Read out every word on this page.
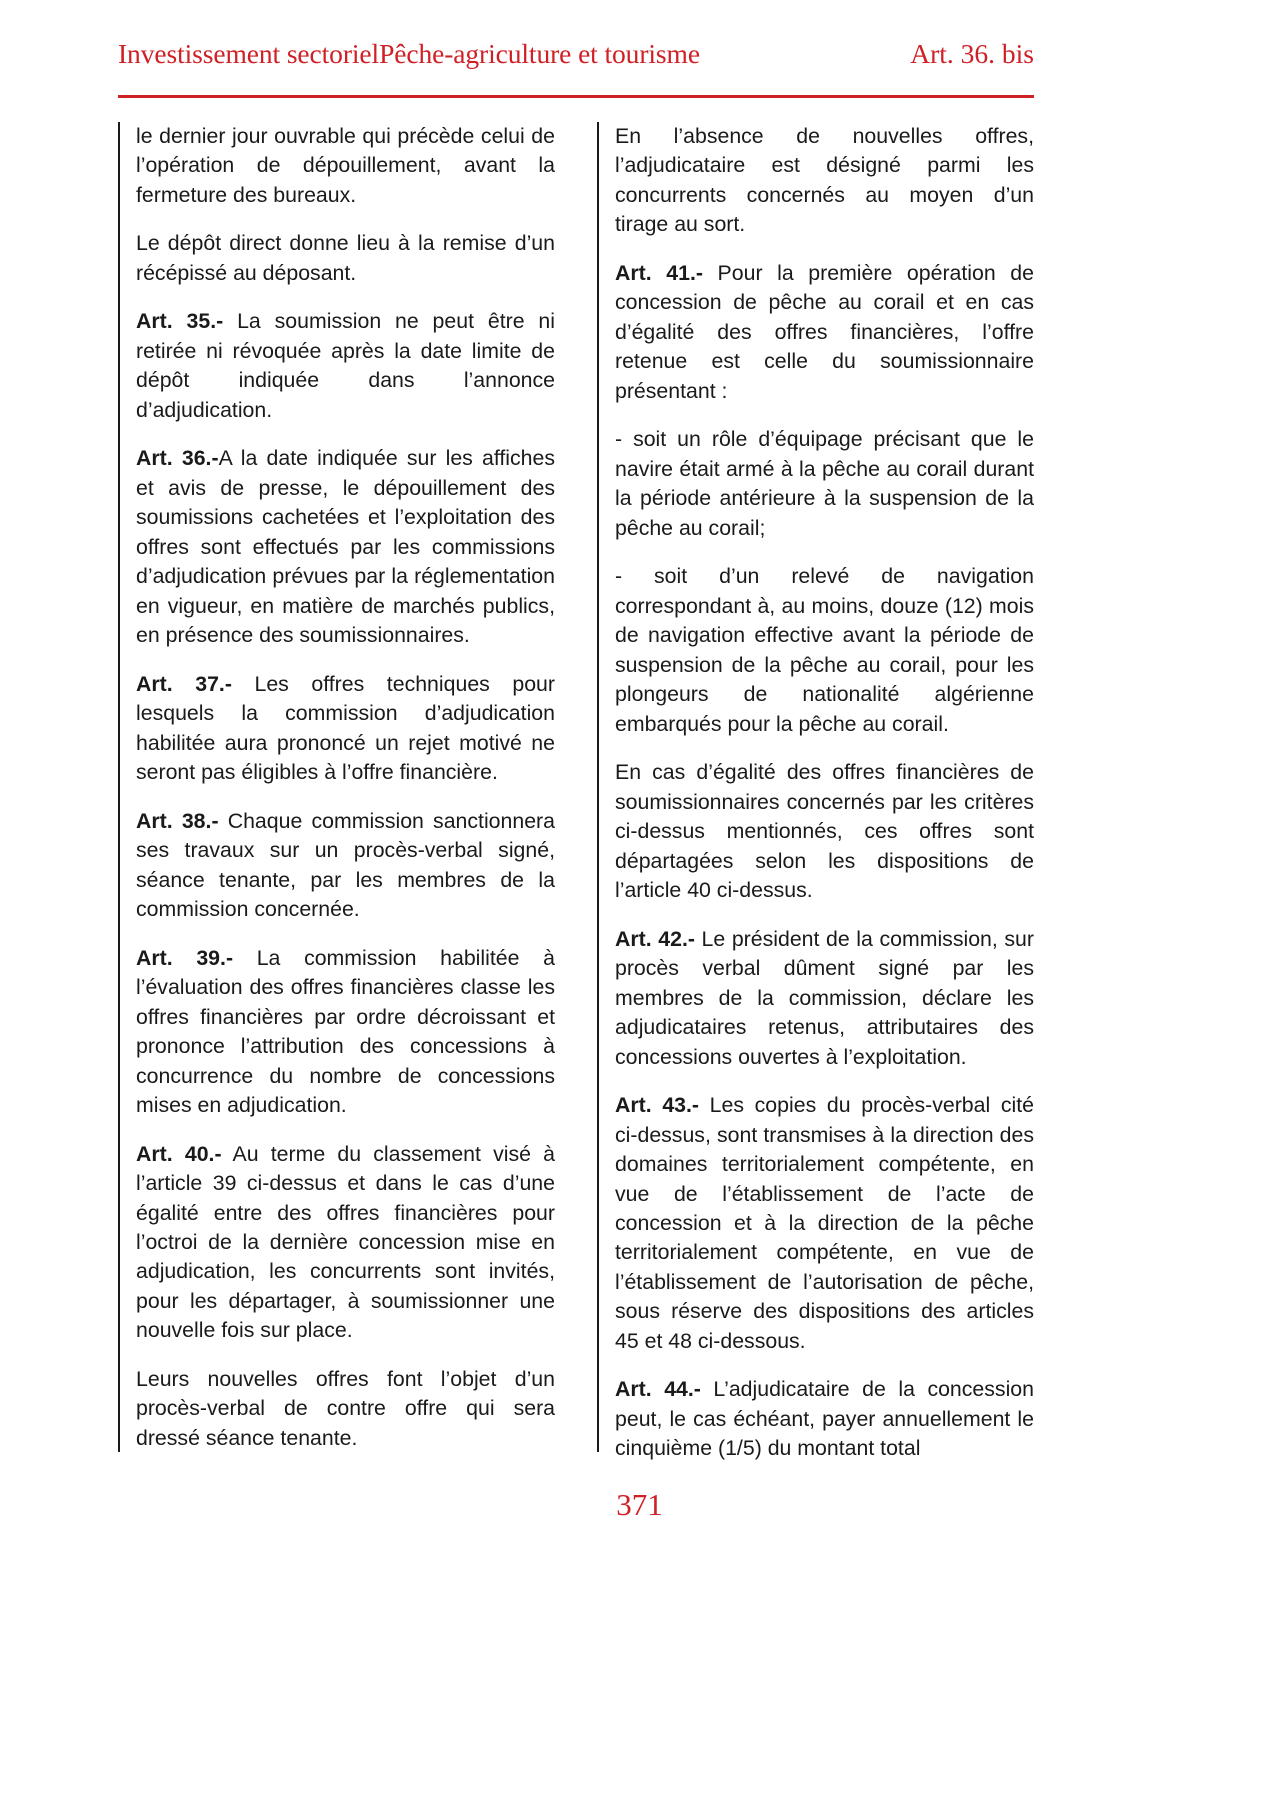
Investissement sectorielPêche-agriculture et tourisme	Art. 36. bis

le dernier jour ouvrable qui précède celui de l’opération de dépouillement, avant la fermeture des bureaux.

Le dépôt direct donne lieu à la remise d’un récépissé au déposant.

Art. 35.- La soumission ne peut être ni retirée ni révoquée après la date limite de dépôt indiquée dans l’annonce d’adjudication.

Art. 36.-A la date indiquée sur les affiches et avis de presse, le dépouillement des soumissions cachetées et l’exploitation des offres sont effectués par les commissions d’adjudication prévues par la réglementation en vigueur, en matière de marchés publics, en présence des soumissionnaires.

Art. 37.- Les offres techniques pour lesquels la commission d’adjudication habilitée aura prononcé un rejet motivé ne seront pas éligibles à l’offre financière.

Art. 38.- Chaque commission sanctionnera ses travaux sur un procès-verbal signé, séance tenante, par les membres de la commission concernée.

Art. 39.- La commission habilitée à l’évaluation des offres financières classe les offres financières par ordre décroissant et prononce l’attribution des concessions à concurrence du nombre de concessions mises en adjudication.

Art. 40.- Au terme du classement visé à l’article 39 ci-dessus et dans le cas d’une égalité entre des offres financières pour l’octroi de la dernière concession mise en adjudication, les concurrents sont invités, pour les départager, à soumissionner une nouvelle fois sur place.

Leurs nouvelles offres font l’objet d’un procès-verbal de contre offre qui sera dressé séance tenante.

En l’absence de nouvelles offres, l’adjudicataire est désigné parmi les concurrents concernés au moyen d’un tirage au sort.

Art. 41.- Pour la première opération de concession de pêche au corail et en cas d’égalité des offres financières, l’offre retenue est celle du soumissionnaire présentant :

- soit un rôle d’équipage précisant que le navire était armé à la pêche au corail durant la période antérieure à la suspension de la pêche au corail;

- soit d’un relevé de navigation correspondant à, au moins, douze (12) mois de navigation effective avant la période de suspension de la pêche au corail, pour les plongeurs de nationalité algérienne embarqués pour la pêche au corail.

En cas d’égalité des offres financières de soumissionnaires concernés par les critères ci-dessus mentionnés, ces offres sont départagées selon les dispositions de l’article 40 ci-dessus.

Art. 42.- Le président de la commission, sur procès verbal dûment signé par les membres de la commission, déclare les adjudicataires retenus, attributaires des concessions ouvertes à l’exploitation.

Art. 43.- Les copies du procès-verbal cité ci-dessus, sont transmises à la direction des domaines territorialement compétente, en vue de l’établissement de l’acte de concession et à la direction de la pêche territorialement compétente, en vue de l’établissement de l’autorisation de pêche, sous réserve des dispositions des articles 45 et 48 ci-dessous.

Art. 44.- L’adjudicataire de la concession peut, le cas échéant, payer annuellement le cinquième (1/5) du montant total

371
